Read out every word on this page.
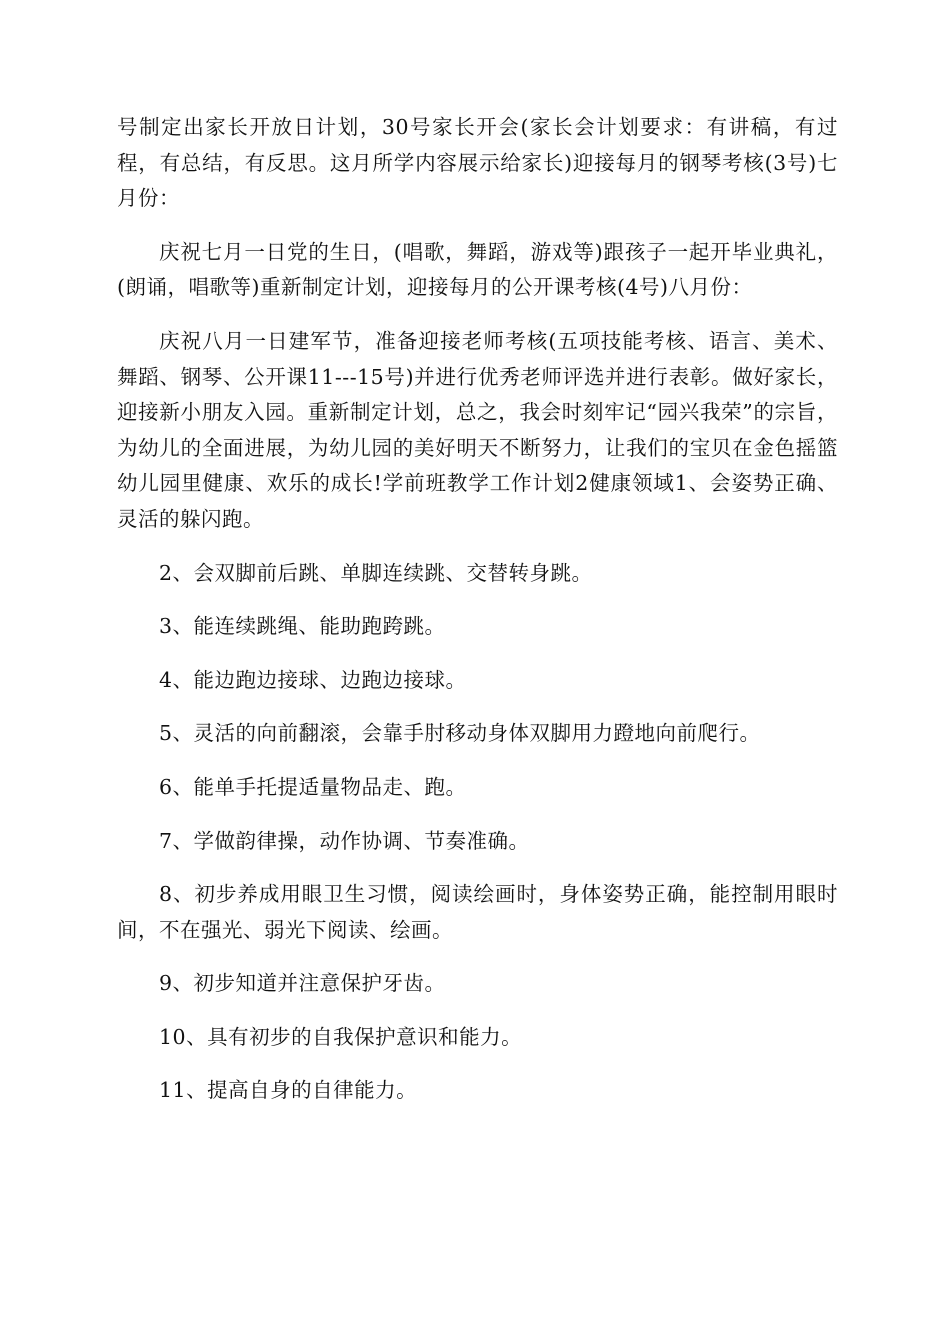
号制定出家长开放日计划，30号家长开会(家长会计划要求：有讲稿，有过程，有总结，有反思。这月所学内容展示给家长)迎接每月的钢琴考核(3号)七月份：

庆祝七月一日党的生日，(唱歌，舞蹈，游戏等)跟孩子一起开毕业典礼，(朗诵，唱歌等)重新制定计划，迎接每月的公开课考核(4号)八月份：

庆祝八月一日建军节，准备迎接老师考核(五项技能考核、语言、美术、舞蹈、钢琴、公开课11---15号)并进行优秀老师评选并进行表彰。做好家长，迎接新小朋友入园。重新制定计划，总之，我会时刻牢记“园兴我荣”的宗旨，为幼儿的全面进展，为幼儿园的美好明天不断努力，让我们的宝贝在金色摇篮幼儿园里健康、欢乐的成长!学前班教学工作计划2健康领域1、会姿势正确、灵活的躲闪跑。

2、会双脚前后跳、单脚连续跳、交替转身跳。

3、能连续跳绳、能助跑跨跳。

4、能边跑边接球、边跑边接球。

5、灵活的向前翻滚，会靠手肘移动身体双脚用力蹬地向前爬行。

6、能单手托提适量物品走、跑。

7、学做韵律操，动作协调、节奏准确。

8、初步养成用眼卫生习惯，阅读绘画时，身体姿势正确，能控制用眼时间，不在强光、弱光下阅读、绘画。

9、初步知道并注意保护牙齿。

10、具有初步的自我保护意识和能力。

11、提高自身的自律能力。
